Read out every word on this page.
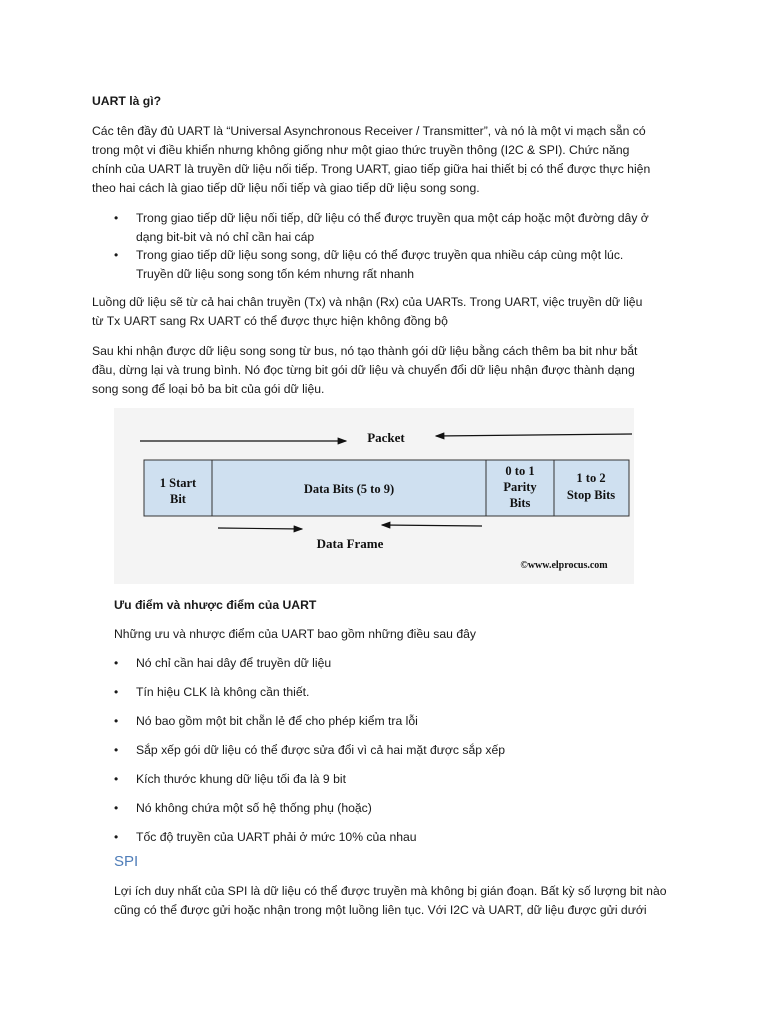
UART là gì?
Các tên đầy đủ UART là “Universal Asynchronous Receiver / Transmitter”, và nó là một vi mạch sẵn có
trong một vi điều khiển nhưng không giống như một giao thức truyền thông (I2C & SPI). Chức năng
chính của UART là truyền dữ liệu nối tiếp. Trong UART, giao tiếp giữa hai thiết bị có thể được thực hiện
theo hai cách là giao tiếp dữ liệu nối tiếp và giao tiếp dữ liệu song song.
• Trong giao tiếp dữ liệu nối tiếp, dữ liệu có thể được truyền qua một cáp hoặc một đường dây ở
dạng bit-bit và nó chỉ cần hai cáp
• Trong giao tiếp dữ liệu song song, dữ liệu có thể được truyền qua nhiều cáp cùng một lúc.
Truyền dữ liệu song song tốn kém nhưng rất nhanh
Luồng dữ liệu sẽ từ cả hai chân truyền (Tx) và nhận (Rx) của UARTs. Trong UART, việc truyền dữ liệu
từ Tx UART sang Rx UART có thể được thực hiện không đồng bộ
Sau khi nhận được dữ liệu song song từ bus, nó tạo thành gói dữ liệu bằng cách thêm ba bit như bắt
đầu, dừng lại và trung bình. Nó đọc từng bit gói dữ liệu và chuyển đổi dữ liệu nhận được thành dạng
song song để loại bỏ ba bit của gói dữ liệu.
Packet
1 Start
Bit
Data Bits (5 to 9)
0 to 1
Parity
Bits
1 to 2
Stop Bits
Data Frame
©www.elprocus.com
Ưu điểm và nhược điểm của UART
Những ưu và nhược điểm của UART bao gồm những điều sau đây
• Nó chỉ cần hai dây để truyền dữ liệu
• Tín hiệu CLK là không cần thiết.
• Nó bao gồm một bit chẵn lẻ để cho phép kiểm tra lỗi
• Sắp xếp gói dữ liệu có thể được sửa đổi vì cả hai mặt được sắp xếp
• Kích thước khung dữ liệu tối đa là 9 bit
• Nó không chứa một số hệ thống phụ (hoặc)
• Tốc độ truyền của UART phải ở mức 10% của nhau
SPI
Lợi ích duy nhất của SPI là dữ liệu có thể được truyền mà không bị gián đoạn. Bất kỳ số lượng bit nào
cũng có thể được gửi hoặc nhận trong một luồng liên tục. Với I2C và UART, dữ liệu được gửi dưới
